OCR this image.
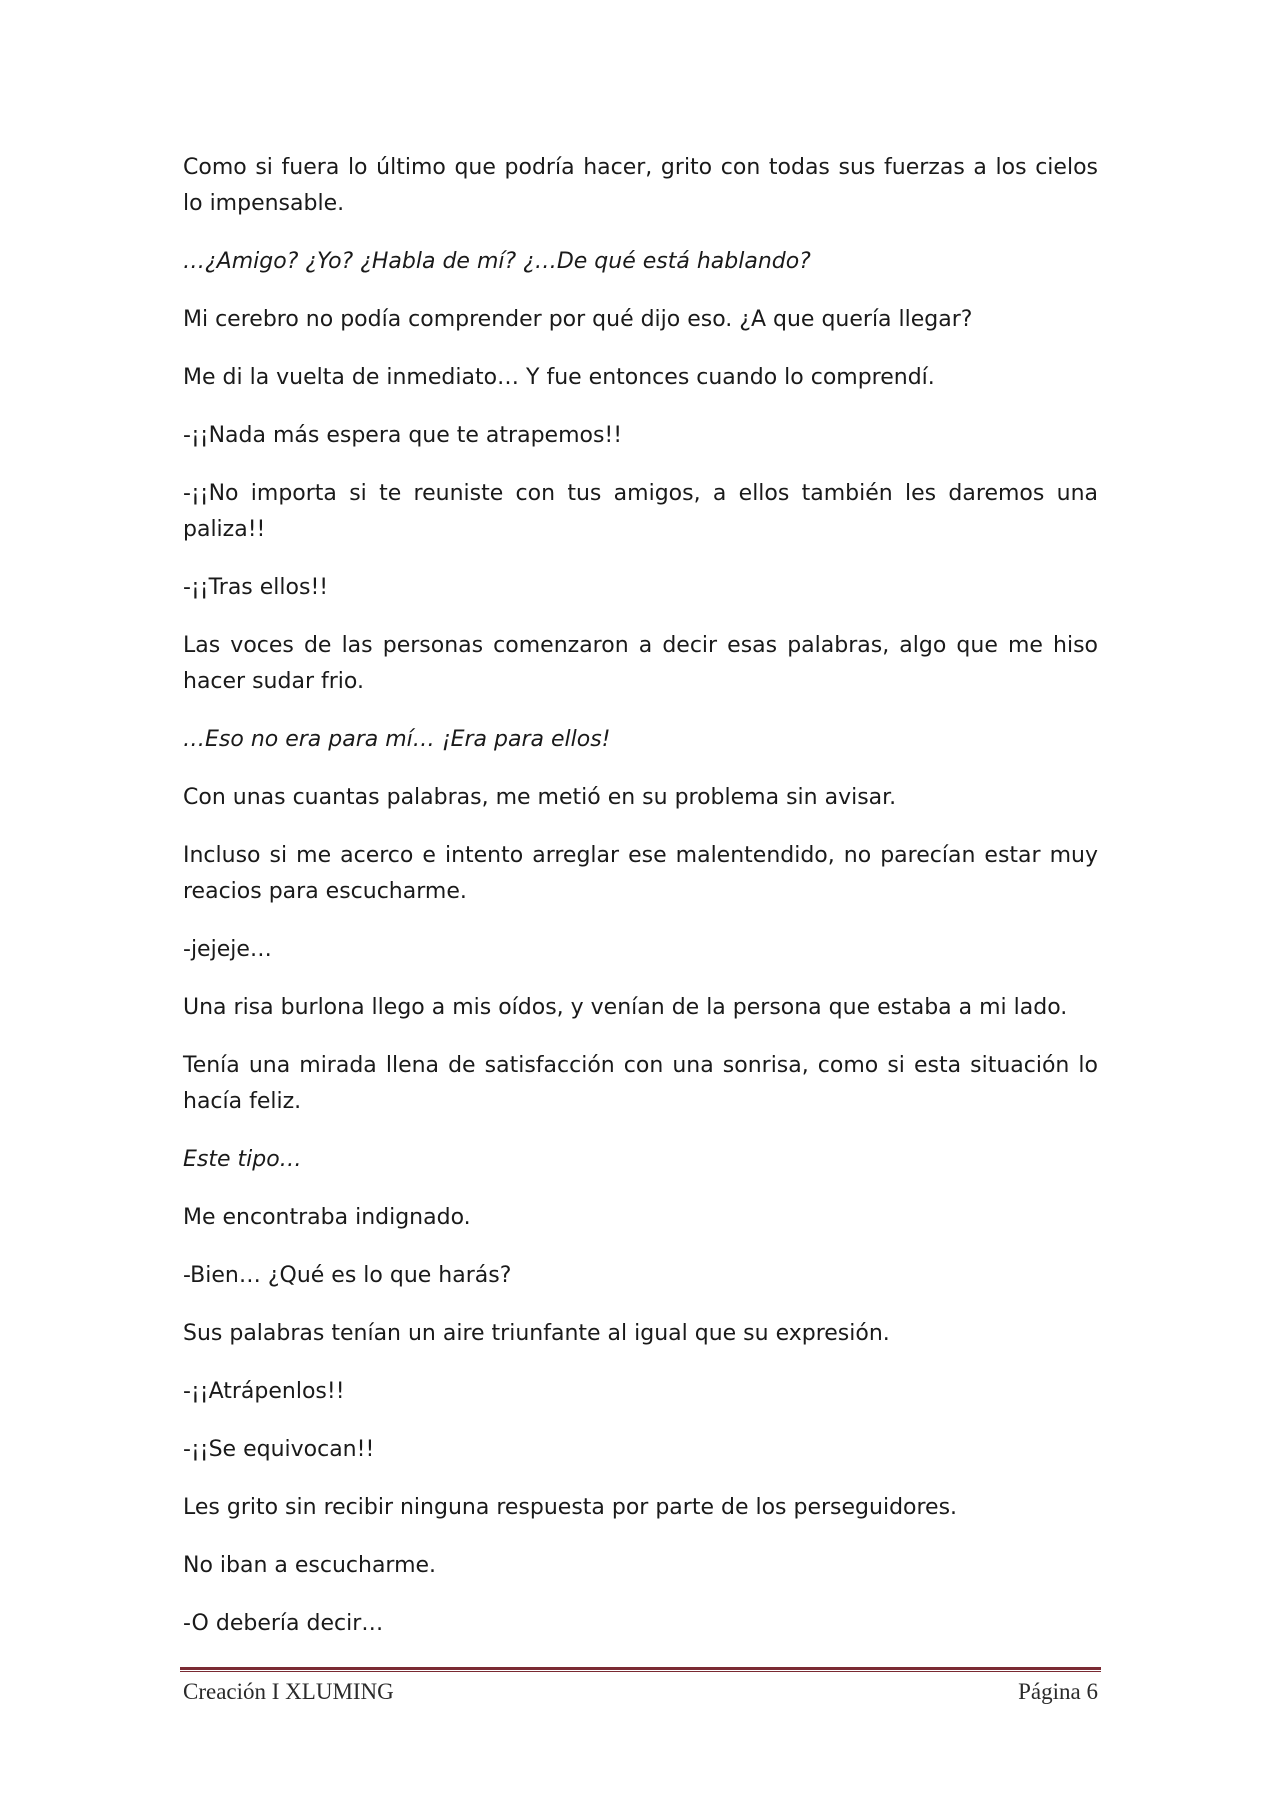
Como si fuera lo último que podría hacer, grito con todas sus fuerzas a los cielos lo impensable.

…¿Amigo? ¿Yo? ¿Habla de mí? ¿…De qué está hablando?

Mi cerebro no podía comprender por qué dijo eso. ¿A que quería llegar?

Me di la vuelta de inmediato… Y fue entonces cuando lo comprendí.

-¡¡Nada más espera que te atrapemos!!

-¡¡No importa si te reuniste con tus amigos, a ellos también les daremos una paliza!!

-¡¡Tras ellos!!

Las voces de las personas comenzaron a decir esas palabras, algo que me hiso hacer sudar frio.

…Eso no era para mí… ¡Era para ellos!

Con unas cuantas palabras, me metió en su problema sin avisar.

Incluso si me acerco e intento arreglar ese malentendido, no parecían estar muy reacios para escucharme.

-jejeje…

Una risa burlona llego a mis oídos, y venían de la persona que estaba a mi lado.

Tenía una mirada llena de satisfacción con una sonrisa, como si esta situación lo hacía feliz.

Este tipo…

Me encontraba indignado.

-Bien… ¿Qué es lo que harás?

Sus palabras tenían un aire triunfante al igual que su expresión.

-¡¡Atrápenlos!!

-¡¡Se equivocan!!

Les grito sin recibir ninguna respuesta por parte de los perseguidores.

No iban a escucharme.

-O debería decir…

Creación I XLUMING	Página 6
